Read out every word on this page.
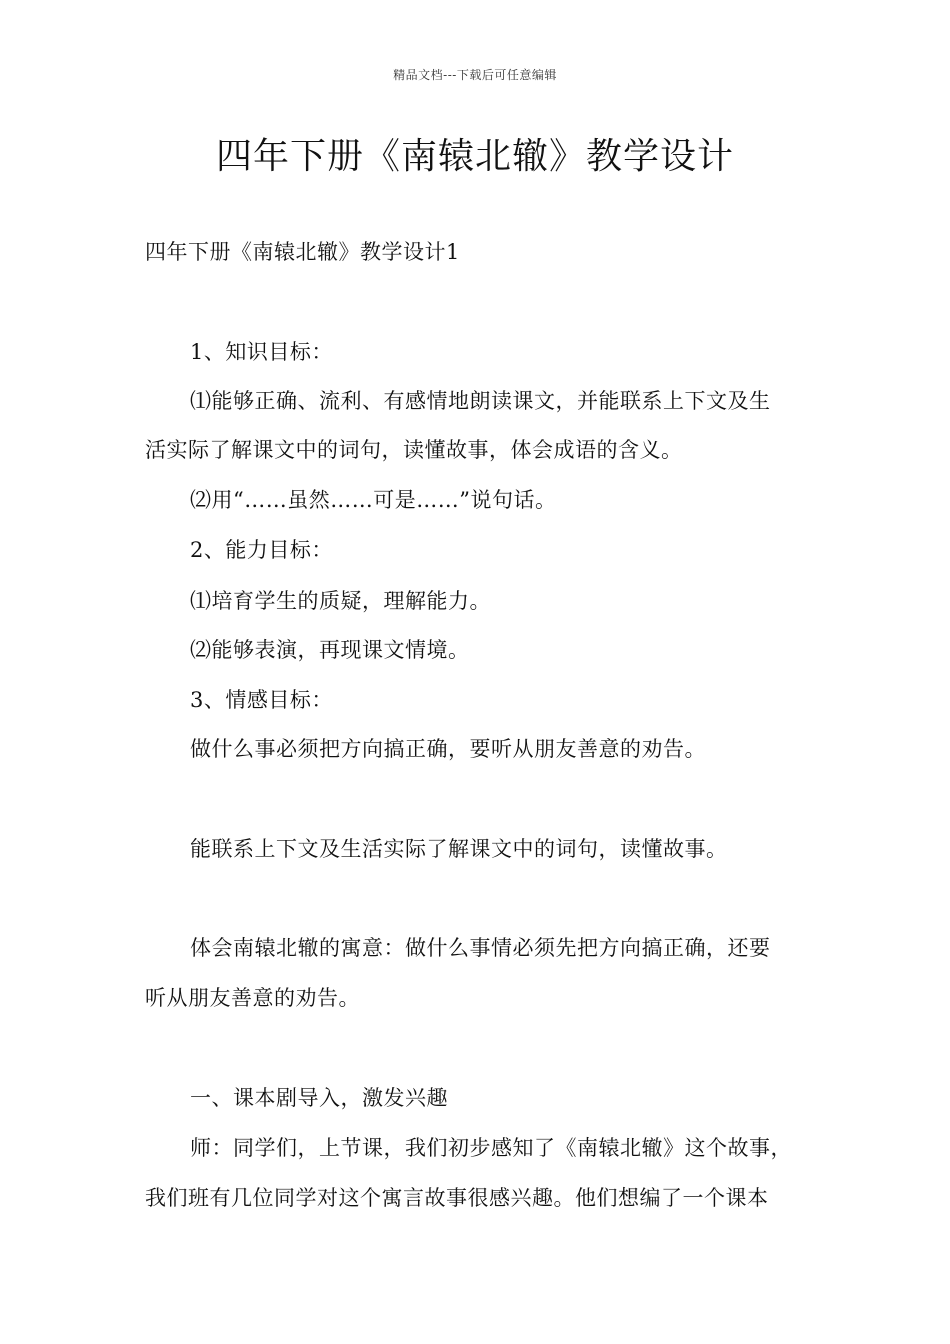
精品文档---下载后可任意编辑
四年下册《南辕北辙》教学设计
四年下册《南辕北辙》教学设计1
1、知识目标：
⑴能够正确、流利、有感情地朗读课文，并能联系上下文及生
活实际了解课文中的词句，读懂故事，体会成语的含义。
⑵用“……虽然……可是……”说句话。
2、能力目标：
⑴培育学生的质疑，理解能力。
⑵能够表演，再现课文情境。
3、情感目标：
做什么事必须把方向搞正确，要听从朋友善意的劝告。
能联系上下文及生活实际了解课文中的词句，读懂故事。
体会南辕北辙的寓意：做什么事情必须先把方向搞正确，还要
听从朋友善意的劝告。
一、课本剧导入，激发兴趣
师：同学们，上节课，我们初步感知了《南辕北辙》这个故事，
我们班有几位同学对这个寓言故事很感兴趣。他们想编了一个课本
